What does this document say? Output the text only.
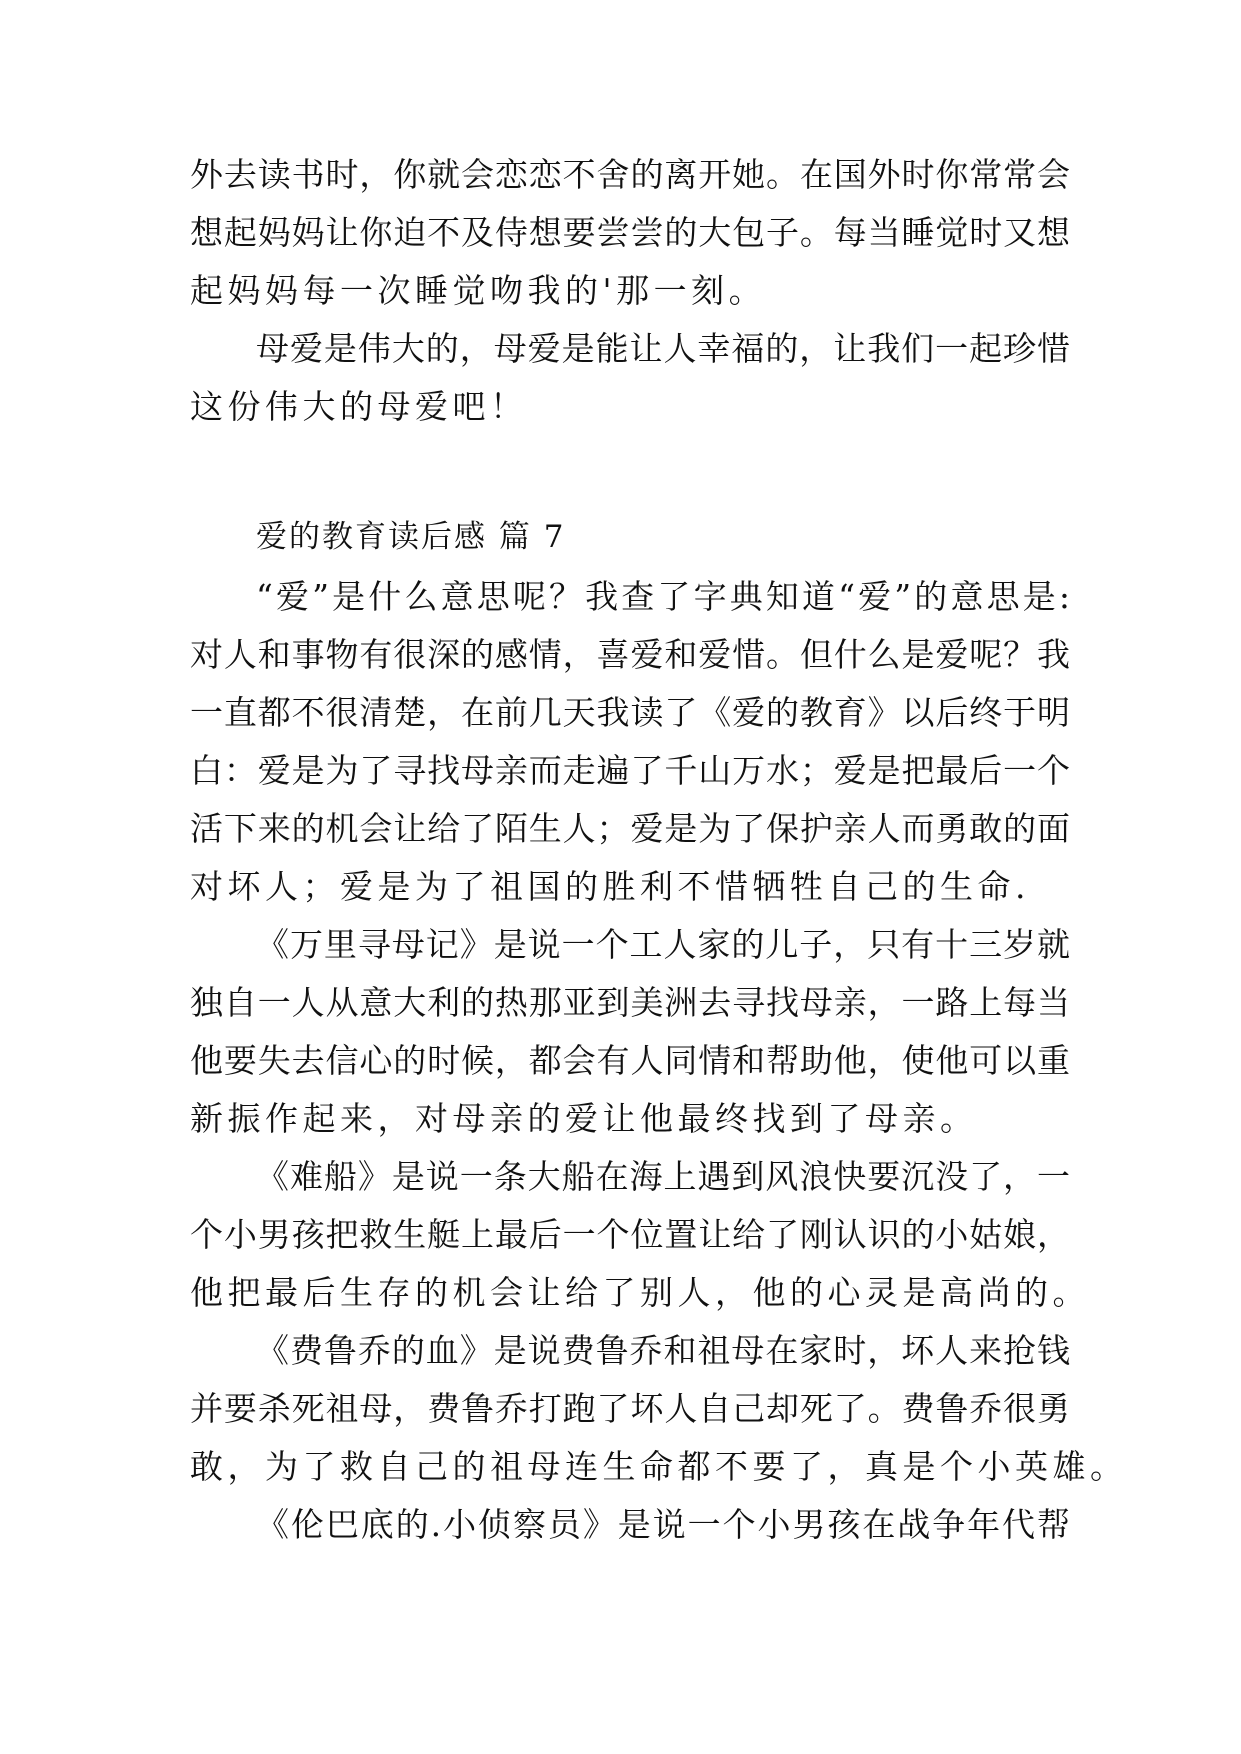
外去读书时，你就会恋恋不舍的离开她。在国外时你常常会
想起妈妈让你迫不及侍想要尝尝的大包子。每当睡觉时又想
起妈妈每一次睡觉吻我的'那一刻。
母爱是伟大的，母爱是能让人幸福的，让我们一起珍惜
这份伟大的母爱吧！
爱的教育读后感 篇 7
“爱”是什么意思呢？我查了字典知道“爱”的意思是:
对人和事物有很深的感情，喜爱和爱惜。但什么是爱呢？我
一直都不很清楚，在前几天我读了《爱的教育》以后终于明
白：爱是为了寻找母亲而走遍了千山万水；爱是把最后一个
活下来的机会让给了陌生人；爱是为了保护亲人而勇敢的面
对坏人；爱是为了祖国的胜利不惜牺牲自己的生命.
《万里寻母记》是说一个工人家的儿子，只有十三岁就
独自一人从意大利的热那亚到美洲去寻找母亲，一路上每当
他要失去信心的时候，都会有人同情和帮助他，使他可以重
新振作起来，对母亲的爱让他最终找到了母亲。
《难船》是说一条大船在海上遇到风浪快要沉没了，一
个小男孩把救生艇上最后一个位置让给了刚认识的小姑娘，
他把最后生存的机会让给了别人，他的心灵是高尚的。
《费鲁乔的血》是说费鲁乔和祖母在家时，坏人来抢钱
并要杀死祖母，费鲁乔打跑了坏人自己却死了。费鲁乔很勇
敢，为了救自己的祖母连生命都不要了，真是个小英雄。
《伦巴底的.小侦察员》是说一个小男孩在战争年代帮
